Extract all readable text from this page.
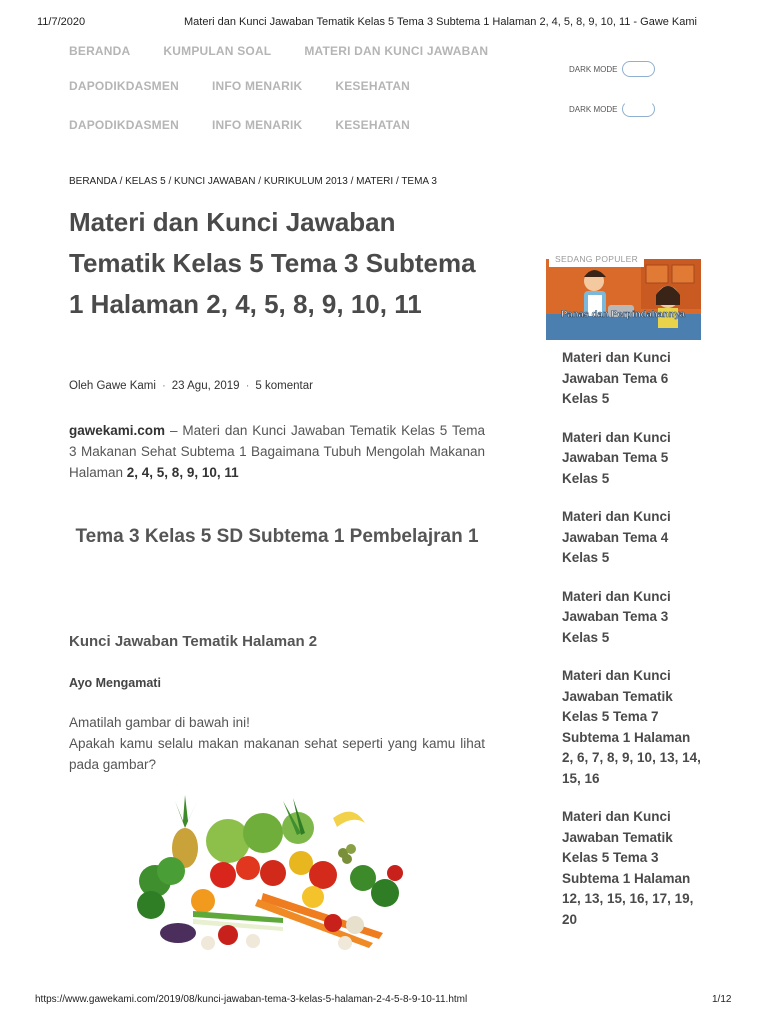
11/7/2020	Materi dan Kunci Jawaban Tematik Kelas 5 Tema 3 Subtema 1 Halaman 2, 4, 5, 8, 9, 10, 11 - Gawe Kami
BERANDA	KUMPULAN SOAL	MATERI DAN KUNCI JAWABAN
DAPODIKDASMEN	INFO MENARIK	KESEHATAN
DAPODIKDASMEN	INFO MENARIK	KESEHATAN
DARK MODE
DARK MODE
BERANDA / KELAS 5 / KUNCI JAWABAN / KURIKULUM 2013 / MATERI / TEMA 3
Materi dan Kunci Jawaban Tematik Kelas 5 Tema 3 Subtema 1 Halaman 2, 4, 5, 8, 9, 10, 11
Oleh Gawe Kami · 23 Agu, 2019 · 5 komentar

gawekami.com – Materi dan Kunci Jawaban Tematik Kelas 5 Tema 3 Makanan Sehat Subtema 1 Bagaimana Tubuh Mengolah Makanan Halaman 2, 4, 5, 8, 9, 10, 11

Tema 3 Kelas 5 SD Subtema 1 Pembelajran 1
Kunci Jawaban Tematik Halaman 2
Ayo Mengamati

Amatilah gambar di bawah ini!

Apakah kamu selalu makan makanan sehat seperti yang kamu lihat pada gambar?

SEDANG POPULER
Panas dan Perpindahannya
Materi dan Kunci Jawaban Tema 6 Kelas 5
Materi dan Kunci Jawaban Tema 5 Kelas 5
Materi dan Kunci Jawaban Tema 4 Kelas 5
Materi dan Kunci Jawaban Tema 3 Kelas 5
Materi dan Kunci Jawaban Tematik Kelas 5 Tema 7 Subtema 1 Halaman 2, 6, 7, 8, 9, 10, 13, 14, 15, 16
Materi dan Kunci Jawaban Tematik Kelas 5 Tema 3 Subtema 1 Halaman 12, 13, 15, 16, 17, 19, 20
https://www.gawekami.com/2019/08/kunci-jawaban-tema-3-kelas-5-halaman-2-4-5-8-9-10-11.html	1/12
